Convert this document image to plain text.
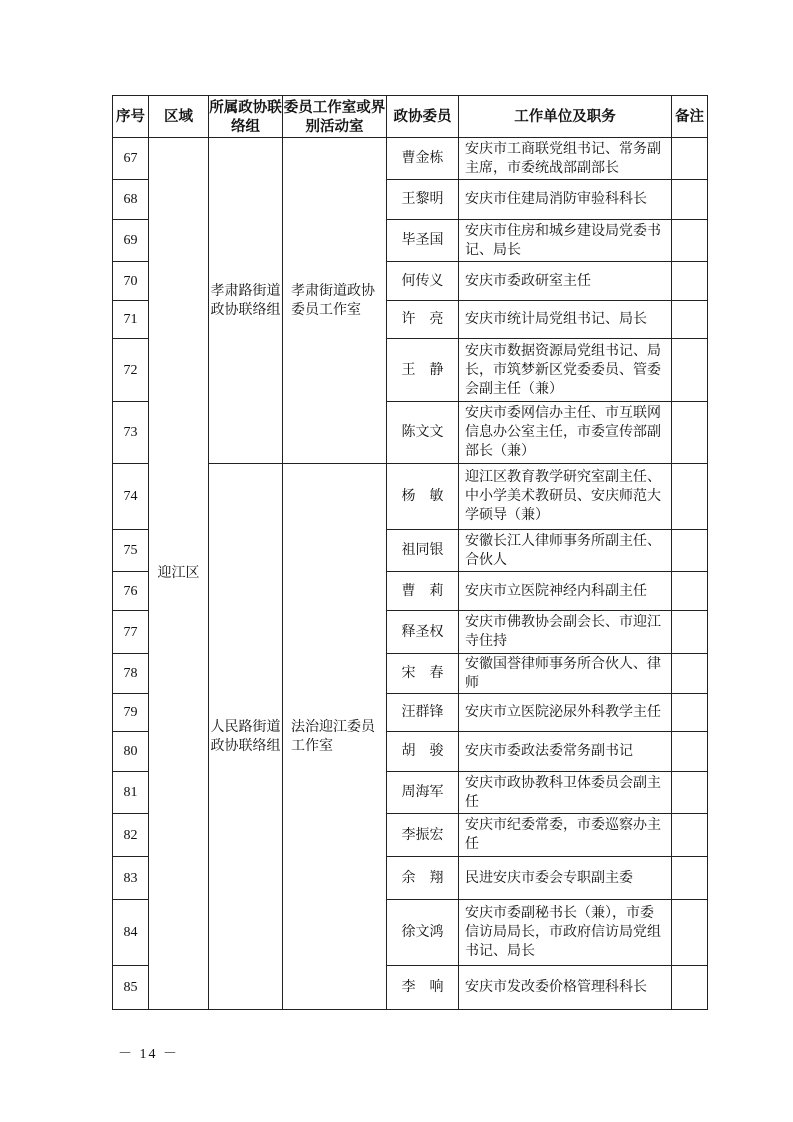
序号	区域	所属政协联络组	委员工作室或界别活动室	政协委员	工作单位及职务	备注
67	迎江区	孝肃路街道政协联络组	孝肃街道政协委员工作室	曹金栋	安庆市工商联党组书记、常务副主席，市委统战部副部长	
68				王黎明	安庆市住建局消防审验科科长	
69				毕圣国	安庆市住房和城乡建设局党委书记、局长	
70				何传义	安庆市委政研室主任	
71				许　亮	安庆市统计局党组书记、局长	
72				王　静	安庆市数据资源局党组书记、局长，市筑梦新区党委委员、管委会副主任（兼）	
73				陈文文	安庆市委网信办主任、市互联网信息办公室主任，市委宣传部副部长（兼）	
74		人民路街道政协联络组	法治迎江委员工作室	杨　敏	迎江区教育教学研究室副主任、中小学美术教研员、安庆师范大学硕导（兼）	
75				祖同银	安徽长江人律师事务所副主任、合伙人	
76				曹　莉	安庆市立医院神经内科副主任	
77				释圣权	安庆市佛教协会副会长、市迎江寺住持	
78				宋　春	安徽国誉律师事务所合伙人、律师	
79				汪群锋	安庆市立医院泌尿外科教学主任	
80				胡　骏	安庆市委政法委常务副书记	
81				周海军	安庆市政协教科卫体委员会副主任	
82				李振宏	安庆市纪委常委，市委巡察办主任	
83				余　翔	民进安庆市委会专职副主委	
84				徐文鸿	安庆市委副秘书长（兼），市委信访局局长，市政府信访局党组书记、局长	
85				李　响	安庆市发改委价格管理科科长	
－ 14 －
